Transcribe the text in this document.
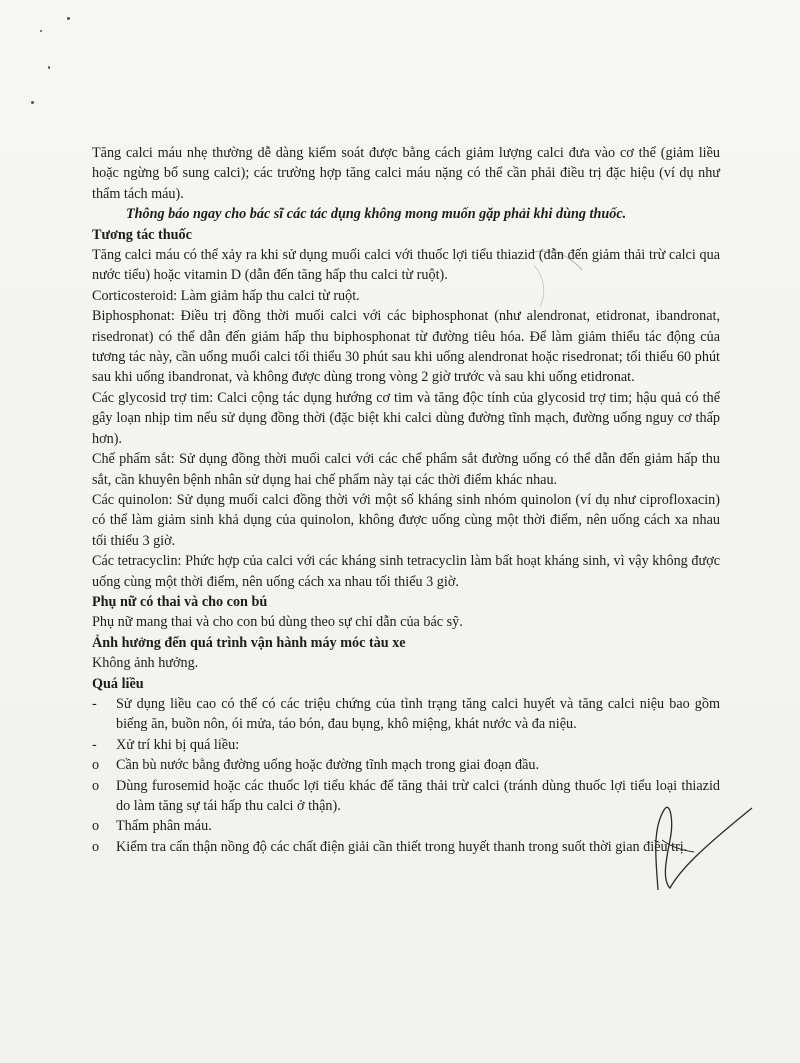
Tăng calci máu nhẹ thường dễ dàng kiểm soát được bằng cách giảm lượng calci đưa vào cơ thể (giảm liều hoặc ngừng bổ sung calci); các trường hợp tăng calci máu nặng có thể cần phải điều trị đặc hiệu (ví dụ như thẩm tách máu).

Thông báo ngay cho bác sĩ các tác dụng không mong muốn gặp phải khi dùng thuốc.

Tương tác thuốc

Tăng calci máu có thể xảy ra khi sử dụng muối calci với thuốc lợi tiểu thiazid (dẫn đến giảm thải trừ calci qua nước tiểu) hoặc vitamin D (dẫn đến tăng hấp thu calci từ ruột).

Corticosteroid: Làm giảm hấp thu calci từ ruột.

Biphosphonat: Điều trị đồng thời muối calci với các biphosphonat (như alendronat, etidronat, ibandronat, risedronat) có thể dẫn đến giảm hấp thu biphosphonat từ đường tiêu hóa. Để làm giảm thiểu tác động của tương tác này, cần uống muối calci tối thiểu 30 phút sau khi uống alendronat hoặc risedronat; tối thiểu 60 phút sau khi uống ibandronat, và không được dùng trong vòng 2 giờ trước và sau khi uống etidronat.

Các glycosid trợ tim: Calci cộng tác dụng hướng cơ tim và tăng độc tính của glycosid trợ tim; hậu quả có thể gây loạn nhịp tim nếu sử dụng đồng thời (đặc biệt khi calci dùng đường tĩnh mạch, đường uống nguy cơ thấp hơn).

Chế phẩm sắt: Sử dụng đồng thời muối calci với các chế phẩm sắt đường uống có thể dẫn đến giảm hấp thu sắt, cần khuyên bệnh nhân sử dụng hai chế phẩm này tại các thời điểm khác nhau.

Các quinolon: Sử dụng muối calci đồng thời với một số kháng sinh nhóm quinolon (ví dụ như ciprofloxacin) có thể làm giảm sinh khả dụng của quinolon, không được uống cùng một thời điểm, nên uống cách xa nhau tối thiểu 3 giờ.

Các tetracyclin: Phức hợp của calci với các kháng sinh tetracyclin làm bất hoạt kháng sinh, vì vậy không được uống cùng một thời điểm, nên uống cách xa nhau tối thiểu 3 giờ.

Phụ nữ có thai và cho con bú

Phụ nữ mang thai và cho con bú dùng theo sự chỉ dẫn của bác sỹ.

Ảnh hưởng đến quá trình vận hành máy móc tàu xe

Không ảnh hưởng.

Quá liều
-	Sử dụng liều cao có thể có các triệu chứng của tình trạng tăng calci huyết và tăng calci niệu bao gồm biếng ăn, buồn nôn, ói mửa, táo bón, đau bụng, khô miệng, khát nước và đa niệu.
-	Xử trí khi bị quá liều:
o	Cần bù nước bằng đường uống hoặc đường tĩnh mạch trong giai đoạn đầu.
o	Dùng furosemid hoặc các thuốc lợi tiểu khác để tăng thải trừ calci (tránh dùng thuốc lợi tiểu loại thiazid do làm tăng sự tái hấp thu calci ở thận).
o	Thẩm phân máu.
o	Kiểm tra cẩn thận nồng độ các chất điện giải cần thiết trong huyết thanh trong suốt thời gian điều trị.
